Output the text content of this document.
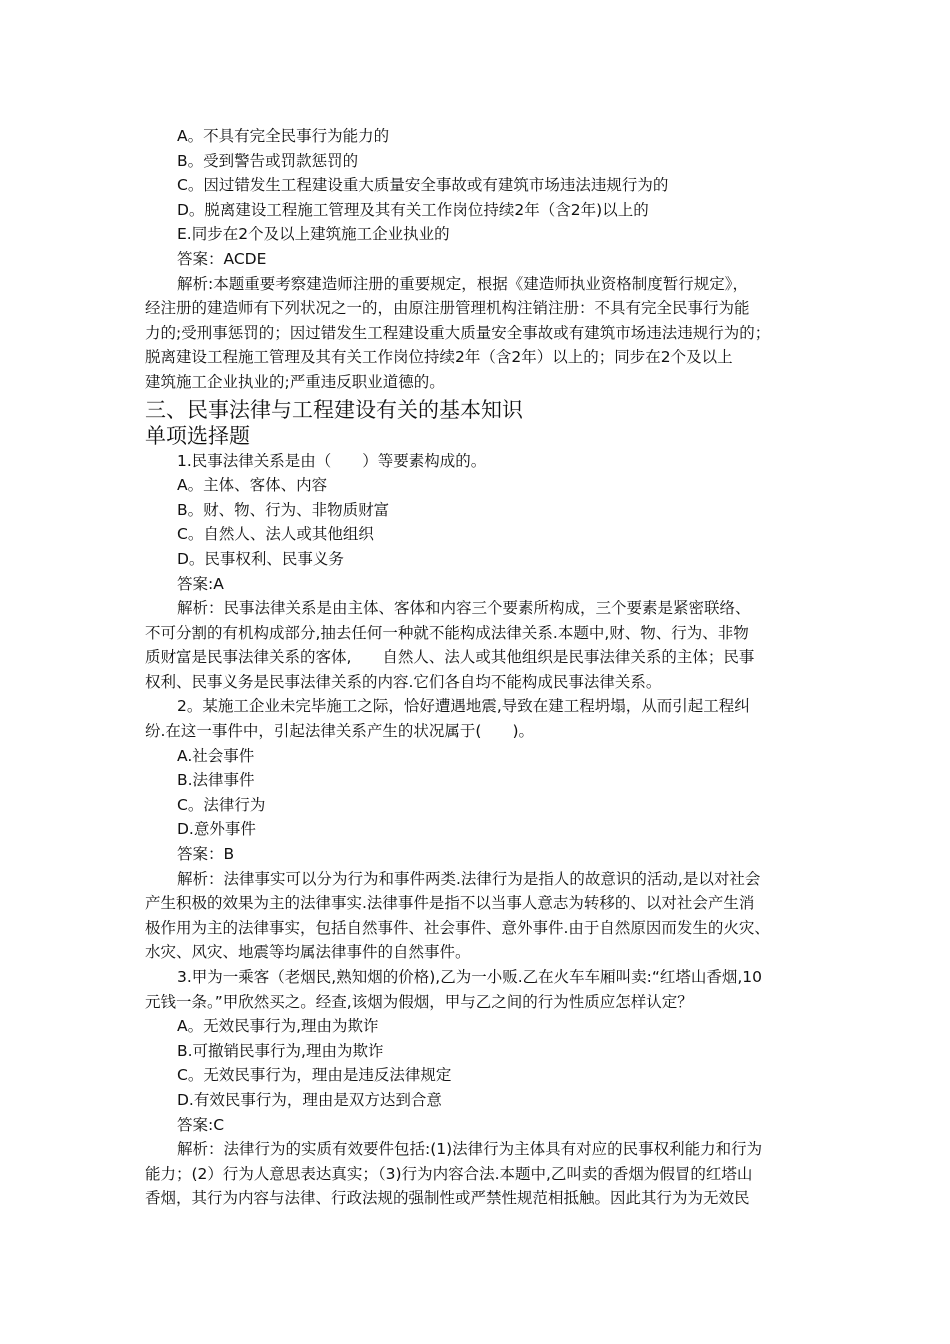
A。不具有完全民事行为能力的
B。受到警告或罚款惩罚的
C。因过错发生工程建设重大质量安全事故或有建筑市场违法违规行为的
D。脱离建设工程施工管理及其有关工作岗位持续2年（含2年)以上的
E.同步在2个及以上建筑施工企业执业的
答案：ACDE
解析:本题重要考察建造师注册的重要规定，根据《建造师执业资格制度暂行规定》，
经注册的建造师有下列状况之一的，由原注册管理机构注销注册：不具有完全民事行为能
力的;受刑事惩罚的；因过错发生工程建设重大质量安全事故或有建筑市场违法违规行为的；
脱离建设工程施工管理及其有关工作岗位持续2年（含2年）以上的；同步在2个及以上
建筑施工企业执业的;严重违反职业道德的。
三、民事法律与工程建设有关的基本知识
单项选择题
1.民事法律关系是由（　　）等要素构成的。
A。主体、客体、内容
B。财、物、行为、非物质财富
C。自然人、法人或其他组织
D。民事权利、民事义务
答案:A
解析：民事法律关系是由主体、客体和内容三个要素所构成，三个要素是紧密联络、
不可分割的有机构成部分,抽去任何一种就不能构成法律关系.本题中,财、物、行为、非物
质财富是民事法律关系的客体,　　自然人、法人或其他组织是民事法律关系的主体；民事
权利、民事义务是民事法律关系的内容.它们各自均不能构成民事法律关系。
2。某施工企业未完毕施工之际，恰好遭遇地震,导致在建工程坍塌，从而引起工程纠
纷.在这一事件中，引起法律关系产生的状况属于(　　)。
A.社会事件
B.法律事件
C。法律行为
D.意外事件
答案：B
解析：法律事实可以分为行为和事件两类.法律行为是指人的故意识的活动,是以对社会
产生积极的效果为主的法律事实.法律事件是指不以当事人意志为转移的、以对社会产生消
极作用为主的法律事实，包括自然事件、社会事件、意外事件.由于自然原因而发生的火灾、
水灾、风灾、地震等均属法律事件的自然事件。
3.甲为一乘客（老烟民,熟知烟的价格),乙为一小贩.乙在火车车厢叫卖:“红塔山香烟,10
元钱一条。”甲欣然买之。经查,该烟为假烟，甲与乙之间的行为性质应怎样认定？
A。无效民事行为,理由为欺诈
B.可撤销民事行为,理由为欺诈
C。无效民事行为，理由是违反法律规定
D.有效民事行为，理由是双方达到合意
答案:C
解析：法律行为的实质有效要件包括:(1)法律行为主体具有对应的民事权利能力和行为
能力；(2）行为人意思表达真实；（3)行为内容合法.本题中,乙叫卖的香烟为假冒的红塔山
香烟，其行为内容与法律、行政法规的强制性或严禁性规范相抵触。因此其行为为无效民
